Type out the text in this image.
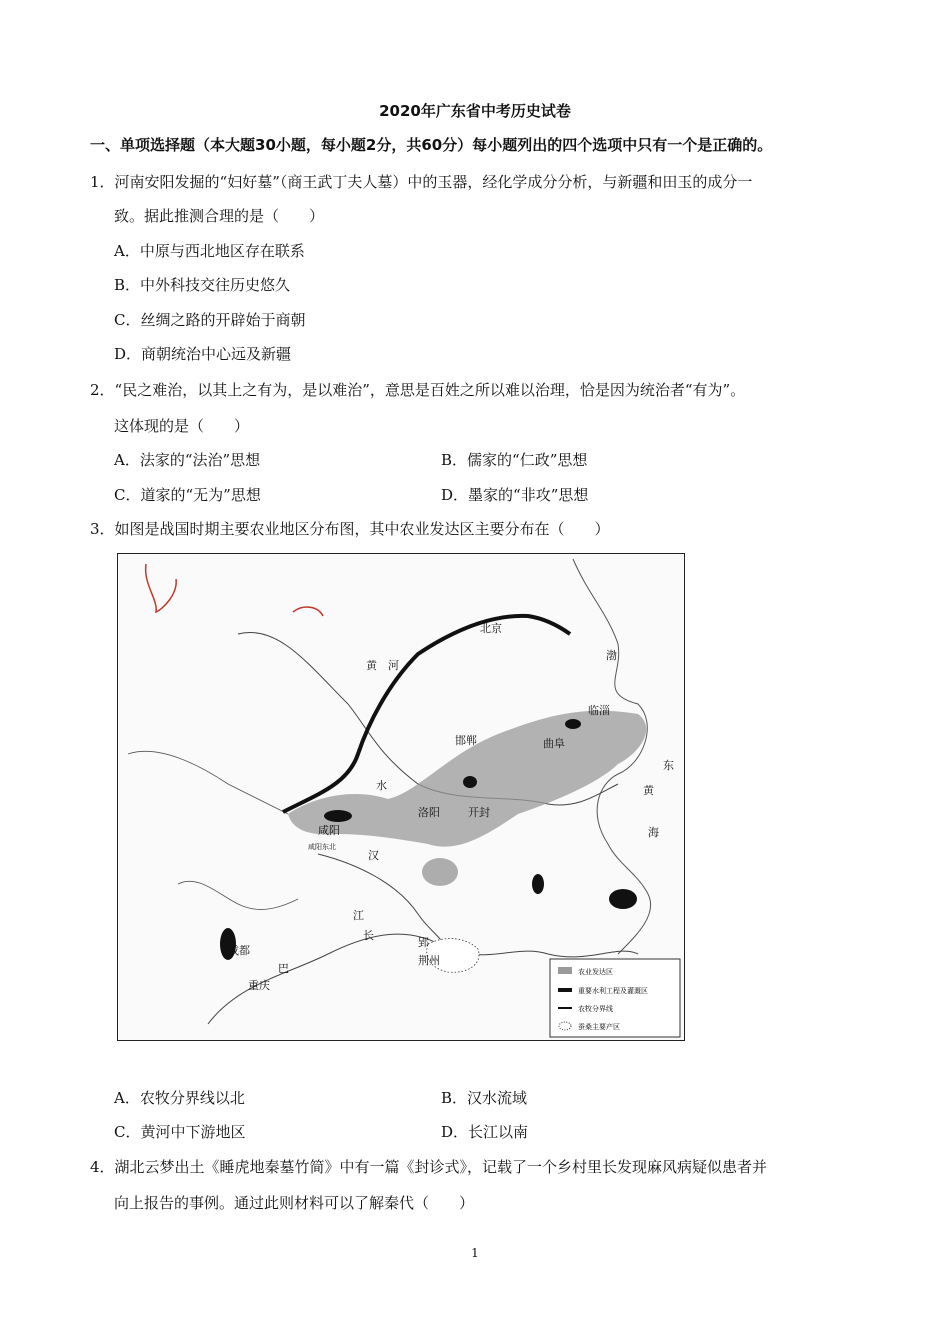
2020年广东省中考历史试卷
一、单项选择题（本大题30小题，每小题2分，共60分）每小题列出的四个选项中只有一个是正确的。
1．河南安阳发掘的“妇好墓”（商王武丁夫人墓）中的玉器，经化学成分分析，与新疆和田玉的成分一
致。据此推测合理的是（　　）
A．中原与西北地区存在联系
B．中外科技交往历史悠久
C．丝绸之路的开辟始于商朝
D．商朝统治中心远及新疆
2．“民之难治，以其上之有为，是以难治”，意思是百姓之所以难以治理，恰是因为统治者“有为”。
这体现的是（　　）
A．法家的“法治”思想	B．儒家的“仁政”思想
C．道家的“无为”思想	D．墨家的“非攻”思想
3．如图是战国时期主要农业地区分布图，其中农业发达区主要分布在（　　）
北京
邯郸
临淄
曲阜
洛阳	开封
咸阳
成都
重庆
荆州
郢
巴
黄 河
水
汉
江
长
东
黄
海
渤
咸阳东北
农业发达区
重要水利工程及灌溉区
农牧分界线
蚕桑主要产区
A．农牧分界线以北	B．汉水流域
C．黄河中下游地区	D．长江以南
4．湖北云梦出土《睡虎地秦墓竹简》中有一篇《封诊式》，记载了一个乡村里长发现麻风病疑似患者并
向上报告的事例。通过此则材料可以了解秦代（　　）
1
